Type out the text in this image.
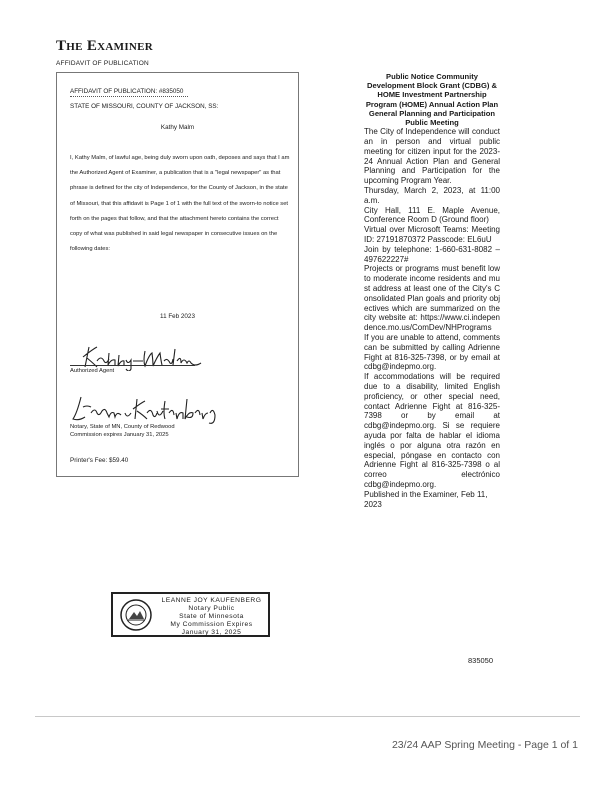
The Examiner
AFFIDAVIT OF PUBLICATION
AFFIDAVIT OF PUBLICATION: #835050
STATE OF MISSOURI, COUNTY OF JACKSON, SS:
Kathy Malm
I, Kathy Malm, of lawful age, being duly sworn upon oath, deposes and says that I am the Authorized Agent of Examiner, a publication that is a "legal newspaper" as that phrase is defined for the city of Independence, for the County of Jackson, in the state of Missouri, that this affidavit is Page 1 of 1 with the full text of the sworn-to notice set forth on the pages that follow, and that the attachment hereto contains the correct copy of what was published in said legal newspaper in consecutive issues on the following dates:
11 Feb 2023
Authorized Agent
Notary, State of MN, County of Redwood
Commission expires January 31, 2025
Printer's Fee: $59.40
LEANNE JOY KAUFENBERG
Notary Public
State of Minnesota
My Commission Expires
January 31, 2025

Public Notice Community Development Block Grant (CDBG) & HOME Investment Partnership Program (HOME) Annual Action Plan General Planning and Participation Public Meeting

The City of Independence will conduct an in person and virtual public meeting for citizen input for the 2023-24 Annual Action Plan and General Planning and Participation for the upcoming Program Year.

Thursday, March 2, 2023, at 11:00 a.m.

City Hall, 111 E. Maple Avenue, Conference Room D (Ground floor)

Virtual over Microsoft Teams: Meeting ID: 271918703​72 Passcode: EL6uU

Join by telephone: 1-660-631-8082 – 497622227#

Projects or programs must benefit low to moderate income residents and must address at least one of the City's Consolidated Plan goals and priority objectives which are summarized on the city website at: https://www.ci.independence.mo.us/ComDev/NHPrograms

If you are unable to attend, comments can be submitted by calling Adrienne Fight at 816-325-7398, or by email at cdbg@indepmo.org.

If accommodations will be required due to a disability, limited English proficiency, or other special need, contact Adrienne Fight at 816-325-7398 or by email at cdbg@indepmo.org. Si se requiere ayuda por falta de hablar el idioma inglés o por alguna otra razón en especial, póngase en contacto con Adrienne Fight al 816-325-7398 o al correo electrónico cdbg@indepmo.org.

Published in the Examiner, Feb 11, 2023

835050
23/24 AAP Spring Meeting - Page 1 of 1
